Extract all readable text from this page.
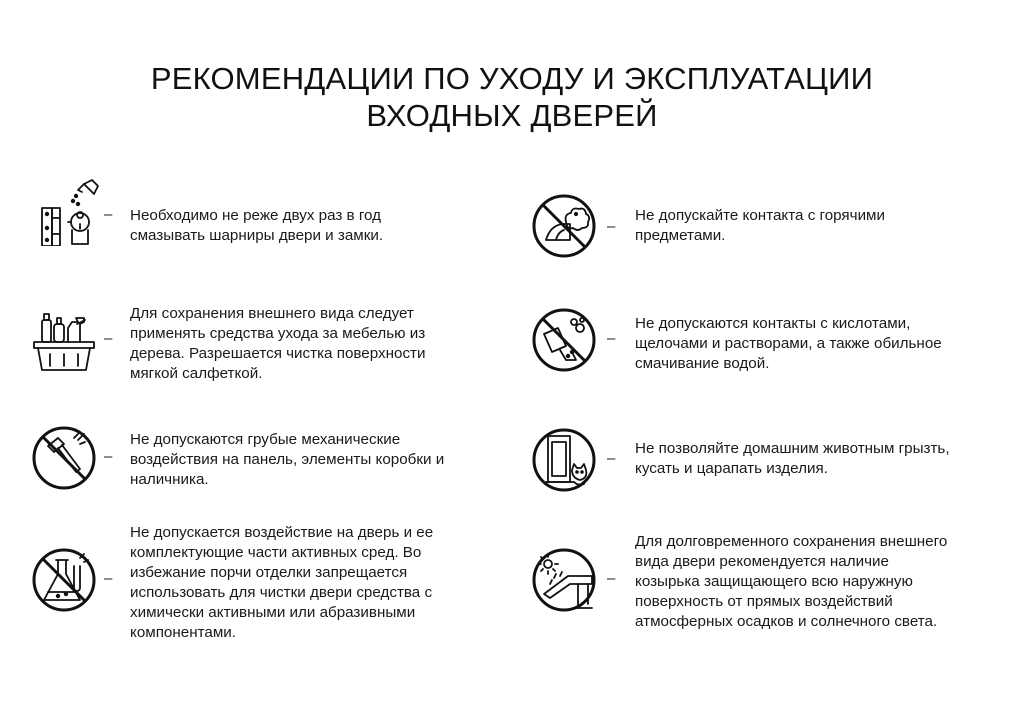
РЕКОМЕНДАЦИИ ПО УХОДУ И ЭКСПЛУАТАЦИИ
ВХОДНЫХ ДВЕРЕЙ
– Необходимо не реже двух раз в год
смазывать шарниры двери и замки.
–
Не допускайте контакта с горячими
предметами.
–
Для сохранения внешнего вида следует
применять средства ухода за мебелью из
дерева. Разрешается чистка поверхности
мягкой салфеткой.
–
Не допускаются контакты с кислотами,
щелочами и растворами, а также обильное
смачивание водой.
–
Не допускаются грубые механические
воздействия на панель, элементы коробки и
наличника.
–
Не позволяйте домашним животным грызть,
кусать и царапать изделия.
–
Не допускается воздействие на дверь и ее
комплектующие части активных сред. Во
избежание порчи отделки запрещается
использовать для чистки двери средства с
химически активными или абразивными
компонентами.
–
Для долговременного сохранения внешнего
вида двери рекомендуется наличие
козырька защищающего всю наружную
поверхность от прямых воздействий
атмосферных осадков и солнечного света.
